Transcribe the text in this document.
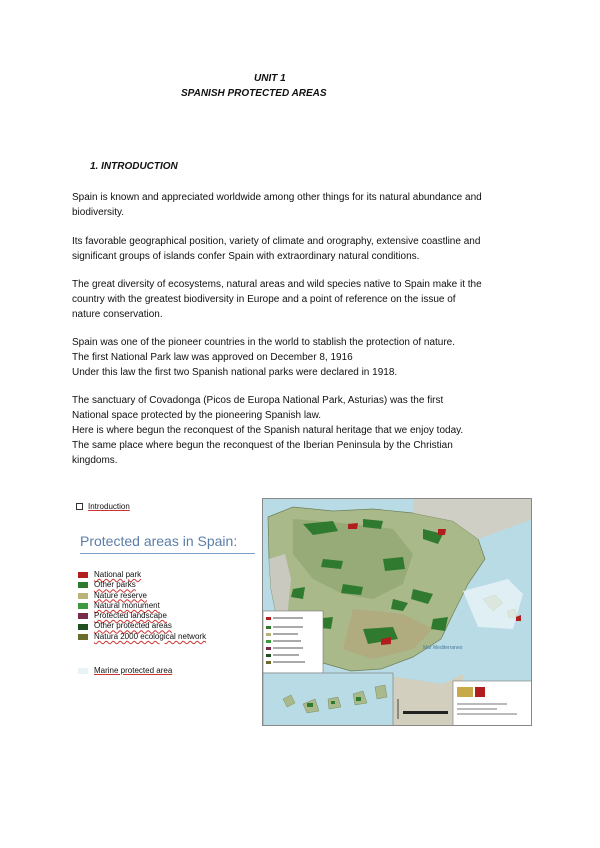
UNIT 1
SPANISH PROTECTED AREAS
1. INTRODUCTION

Spain is known and appreciated worldwide among other things for its natural abundance and
biodiversity.

Its favorable geographical position, variety of climate and orography, extensive coastline and
significant groups of islands confer Spain with extraordinary natural conditions.

The great diversity of ecosystems, natural areas and wild species native to Spain make it the
country with the greatest biodiversity in Europe and a point of reference on the issue of
nature conservation.

Spain was one of the pioneer countries in the world to stablish the protection of nature.
The first National Park law was approved on December 8, 1916
Under this law the first two Spanish national parks were declared in 1918.

The sanctuary of Covadonga (Picos de Europa National Park, Asturias) was the first
National space protected by the pioneering Spanish law.
Here is where begun the reconquest of the Spanish natural heritage that we enjoy today.
The same place where begun the reconquest of the Iberian Peninsula by the Christian
kingdoms.

Introduction
Protected areas in Spain:
National park
Other parks
Nature reserve
Natural monument
Protected landscape
Other protected areas
Natura 2000 ecological network
Marine protected area
Mar Mediterraneo
